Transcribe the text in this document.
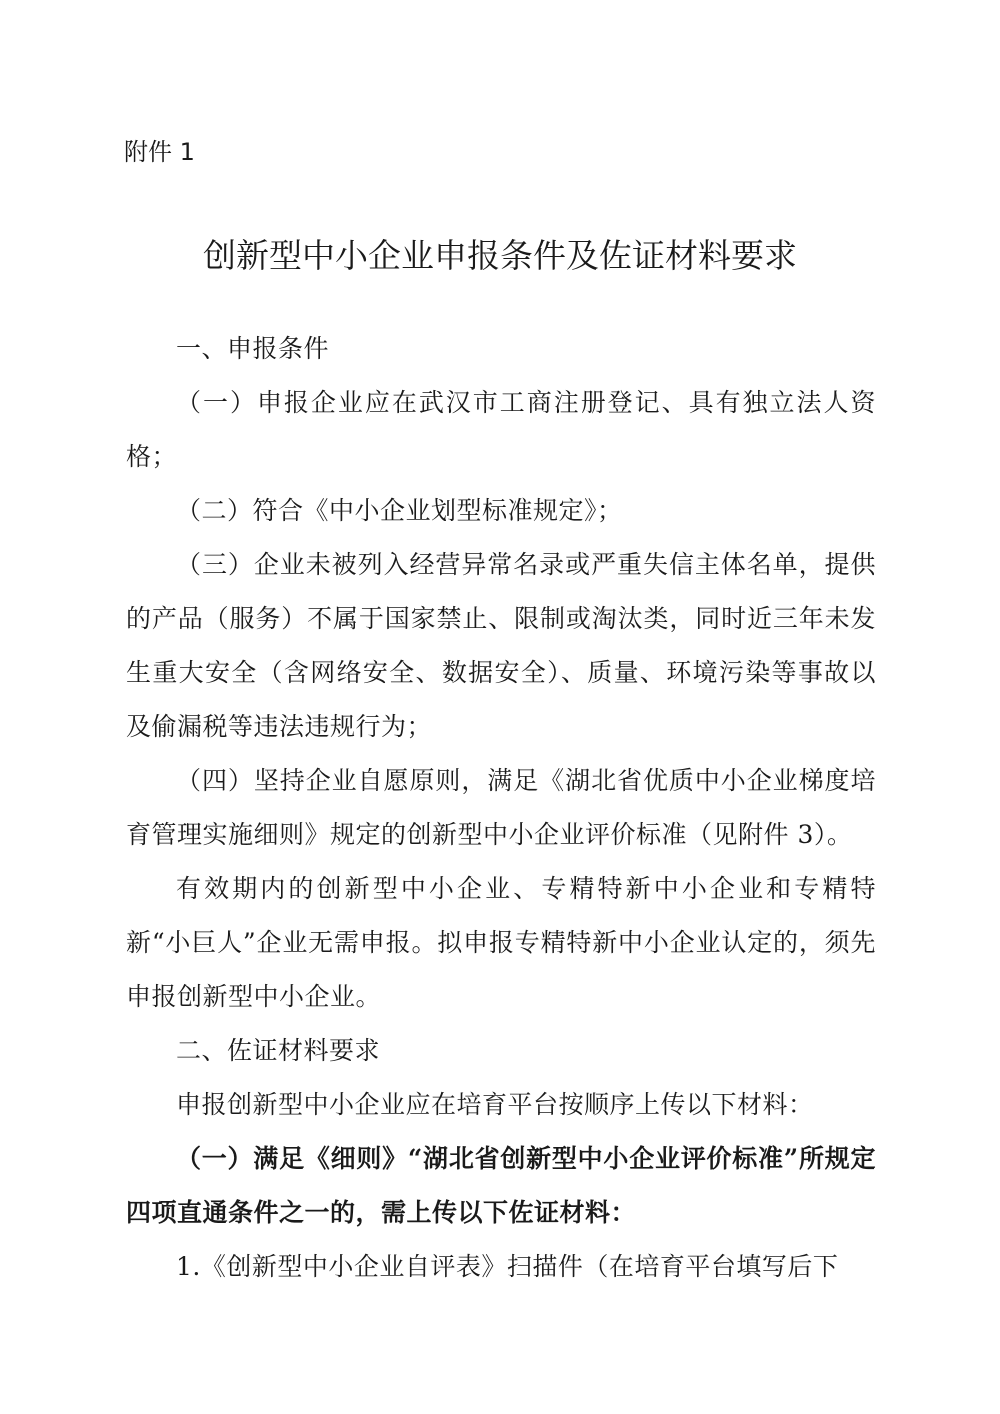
附件 1
创新型中小企业申报条件及佐证材料要求

一、申报条件

（一）申报企业应在武汉市工商注册登记、具有独立法人资格；

（二）符合《中小企业划型标准规定》；

（三）企业未被列入经营异常名录或严重失信主体名单，提供的产品（服务）不属于国家禁止、限制或淘汰类，同时近三年未发生重大安全（含网络安全、数据安全）、质量、环境污染等事故以及偷漏税等违法违规行为；

（四）坚持企业自愿原则，满足《湖北省优质中小企业梯度培育管理实施细则》规定的创新型中小企业评价标准（见附件 3）。

有效期内的创新型中小企业、专精特新中小企业和专精特新“小巨人”企业无需申报。拟申报专精特新中小企业认定的，须先申报创新型中小企业。

二、佐证材料要求

申报创新型中小企业应在培育平台按顺序上传以下材料：

（一）满足《细则》“湖北省创新型中小企业评价标准”所规定四项直通条件之一的，需上传以下佐证材料：

1.《创新型中小企业自评表》扫描件（在培育平台填写后下
